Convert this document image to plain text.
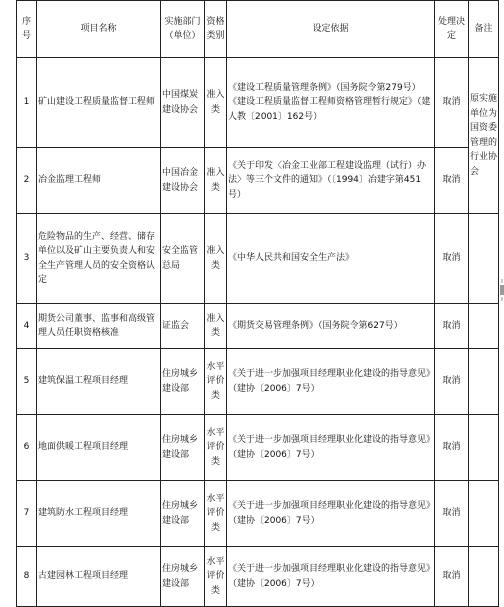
序号	项目名称	实施部门（单位）	资格类别	设定依据	处理决定	备注
1	矿山建设工程质量监督工程师	中国煤炭建设协会	准入类	《建设工程质量管理条例》（国务院令第279号）《建设工程质量监督工程师资格管理暂行规定》（建人教〔2001〕162号）	取消	原实施单位为国资委管理的行业协会
2	冶金监理工程师	中国冶金建设协会	准入类	《关于印发〈冶金工业部工程建设监理（试行）办法〉等三个文件的通知》（〔1994〕冶建字第451号）	取消	
3	危险物品的生产、经营、储存单位以及矿山主要负责人和安全生产管理人员的安全资格认定	安全监管总局	准入类	《中华人民共和国安全生产法》	取消	
4	期货公司董事、监事和高级管理人员任职资格核准	证监会	准入类	《期货交易管理条例》（国务院令第627号）	取消	
5	建筑保温工程项目经理	住房城乡建设部	水平评价类	《关于进一步加强项目经理职业化建设的指导意见》（建协〔2006〕7号）	取消	
6	地面供暖工程项目经理	住房城乡建设部	水平评价类	《关于进一步加强项目经理职业化建设的指导意见》（建协〔2006〕7号）	取消	
7	建筑防水工程项目经理	住房城乡建设部	水平评价类	《关于进一步加强项目经理职业化建设的指导意见》（建协〔2006〕7号）	取消	
8	古建园林工程项目经理	住房城乡建设部	水平评价类	《关于进一步加强项目经理职业化建设的指导意见》（建协〔2006〕7号）	取消	
